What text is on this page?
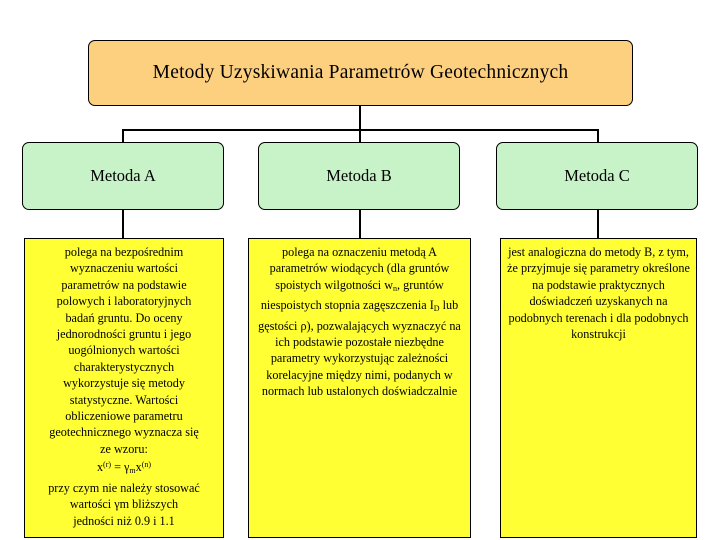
Metody Uzyskiwania Parametrów Geotechnicznych
Metoda A	Metoda B	Metoda C
polega na bezpośrednim
wyznaczeniu wartości
parametrów na podstawie
polowych i laboratoryjnych
badań gruntu. Do oceny
jednorodności gruntu i jego
uogólnionych wartości
charakterystycznych
wykorzystuje się metody
statystyczne. Wartości
obliczeniowe parametru
geotechnicznego wyznacza się
ze wzoru:
$x^{(r)} = \gamma_mx^{(n)}$
przy czym nie należy stosować
wartości γm bliższych
jedności niż 0.9 i 1.1
polega na oznaczeniu metodą A parametrów wiodących (dla gruntów spoistych wilgotności $w_n$, gruntów niespoistych stopnia zagęszczenia $I_D$ lub gęstości ρ), pozwalających wyznaczyć na ich podstawie pozostałe niezbędne parametry wykorzystując zależności korelacyjne między nimi, podanych w normach lub ustalonych doświadczalnie
jest analogiczna do metody B, z tym, że przyjmuje się parametry określone na podstawie praktycznych doświadczeń uzyskanych na podobnych terenach i dla podobnych konstrukcji
